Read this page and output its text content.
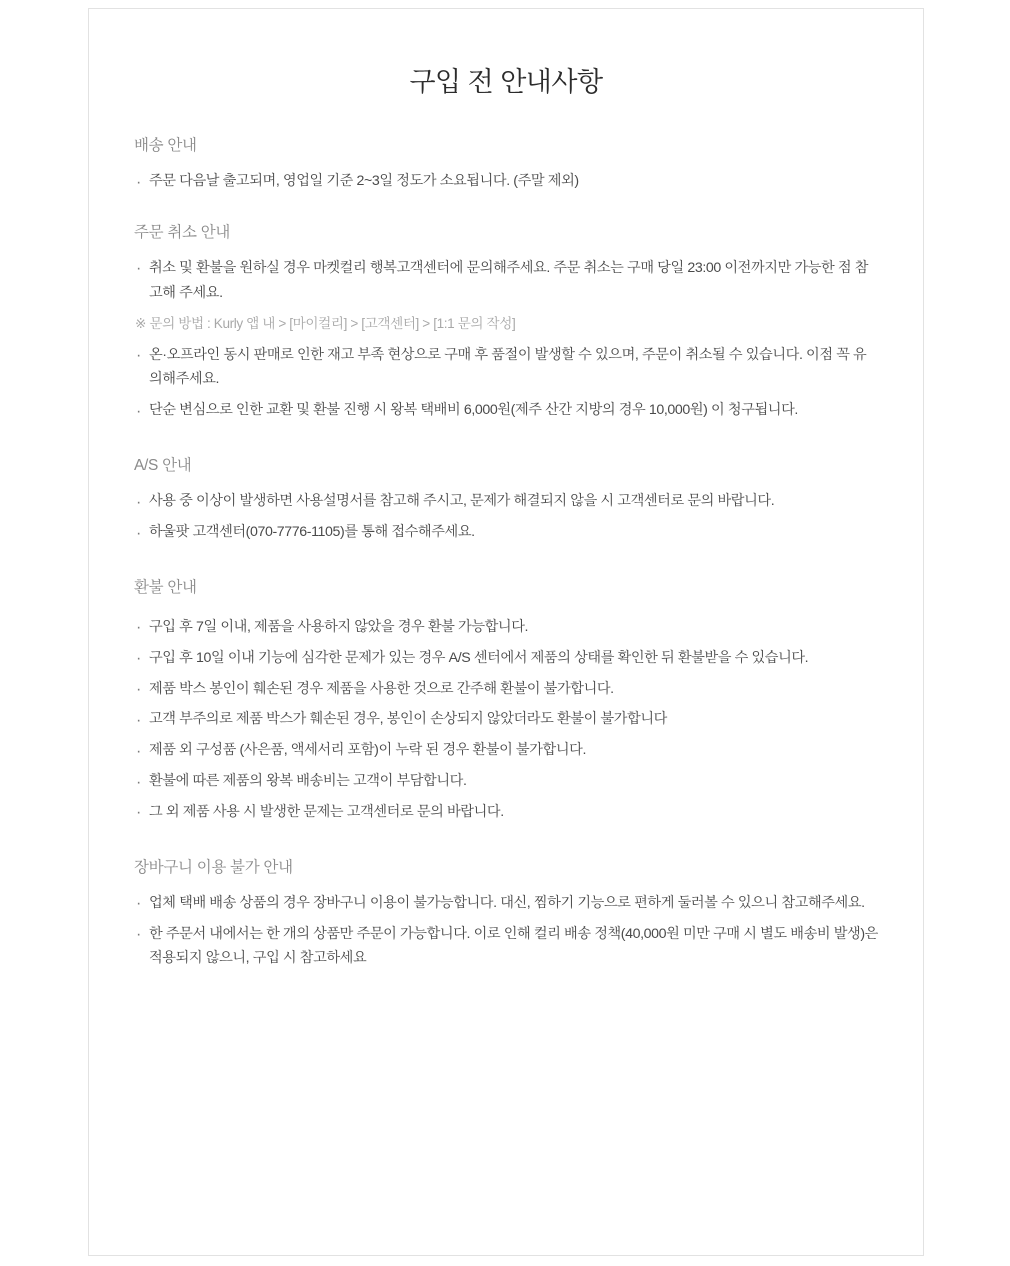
구입 전 안내사항
배송 안내
· 주문 다음날 출고되며, 영업일 기준 2~3일 정도가 소요됩니다. (주말 제외)
주문 취소 안내
· 취소 및 환불을 원하실 경우 마켓컬리 행복고객센터에 문의해주세요. 주문 취소는 구매 당일 23:00 이전까지만 가능한 점 참고해 주세요.
※ 문의 방법 : Kurly 앱 내 > [마이컬리] > [고객센터] > [1:1 문의 작성]
· 온·오프라인 동시 판매로 인한 재고 부족 현상으로 구매 후 품절이 발생할 수 있으며, 주문이 취소될 수 있습니다. 이점 꼭 유의해주세요.
· 단순 변심으로 인한 교환 및 환불 진행 시 왕복 택배비 6,000원(제주 산간 지방의 경우 10,000원) 이 청구됩니다.
A/S 안내
· 사용 중 이상이 발생하면 사용설명서를 참고해 주시고, 문제가 해결되지 않을 시 고객센터로 문의 바랍니다.
· 하울팟 고객센터(070-7776-1105)를 통해 접수해주세요.
환불 안내
· 구입 후 7일 이내, 제품을 사용하지 않았을 경우 환불 가능합니다.
· 구입 후 10일 이내 기능에 심각한 문제가 있는 경우 A/S 센터에서 제품의 상태를 확인한 뒤 환불받을 수 있습니다.
· 제품 박스 봉인이 훼손된 경우 제품을 사용한 것으로 간주해 환불이 불가합니다.
· 고객 부주의로 제품 박스가 훼손된 경우, 봉인이 손상되지 않았더라도 환불이 불가합니다
· 제품 외 구성품 (사은품, 액세서리 포함)이 누락 된 경우 환불이 불가합니다.
· 환불에 따른 제품의 왕복 배송비는 고객이 부담합니다.
· 그 외 제품 사용 시 발생한 문제는 고객센터로 문의 바랍니다.
장바구니 이용 불가 안내
· 업체 택배 배송 상품의 경우 장바구니 이용이 불가능합니다. 대신, 찜하기 기능으로 편하게 둘러볼 수 있으니 참고해주세요.
· 한 주문서 내에서는 한 개의 상품만 주문이 가능합니다. 이로 인해 컬리 배송 정책(40,000원 미만 구매 시 별도 배송비 발생)은 적용되지 않으니, 구입 시 참고하세요
